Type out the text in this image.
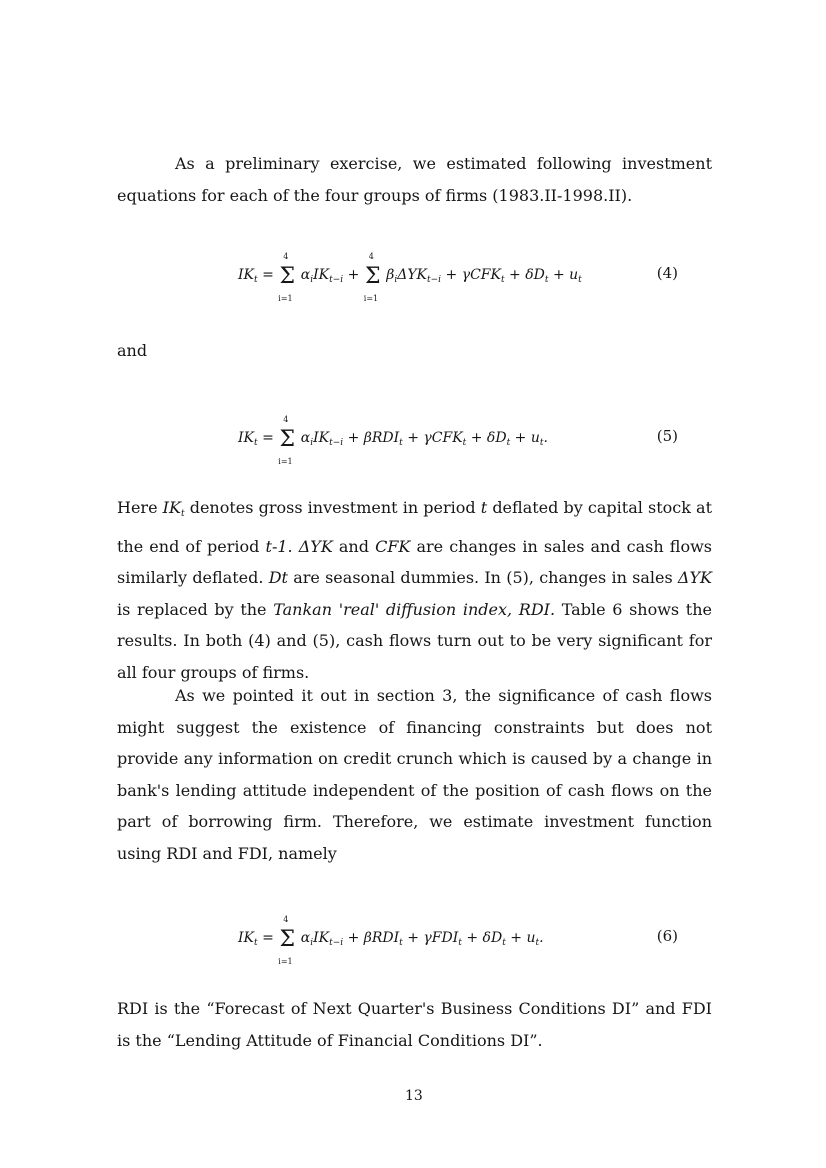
As a preliminary exercise, we estimated following investment equations for each of the four groups of firms (1983.II-1998.II).

$IK_t = \Sigma$
4
i=1
$\alpha_iIK_{t-i} + \Sigma$
4
i=1
$\beta_i\Delta YK_{t-i} + \gamma CFK_t + \delta D_t + u_t$	(4)
and
$IK_t = \Sigma$
4
i=1
$\alpha_iIK_{t-i} + \beta RDI_t + \gamma CFK_t + \delta D_t + u_t$.	(5)

Here $IK_t$ denotes gross investment in period t deflated by capital stock at the end of period t-1. ΔYK and CFK are changes in sales and cash flows similarly deflated. Dt are seasonal dummies. In (5), changes in sales ΔYK is replaced by the Tankan 'real' diffusion index, RDI. Table 6 shows the results. In both (4) and (5), cash flows turn out to be very significant for all four groups of firms.

As we pointed it out in section 3, the significance of cash flows might suggest the existence of financing constraints but does not provide any information on credit crunch which is caused by a change in bank's lending attitude independent of the position of cash flows on the part of borrowing firm. Therefore, we estimate investment function using RDI and FDI, namely

$IK_t = \Sigma$
4
i=1
$\alpha_iIK_{t-i} + \beta RDI_t + \gamma FDI_t + \delta D_t + u_t$.	(6)

RDI is the “Forecast of Next Quarter's Business Conditions DI” and FDI is the “Lending Attitude of Financial Conditions DI”.

13
